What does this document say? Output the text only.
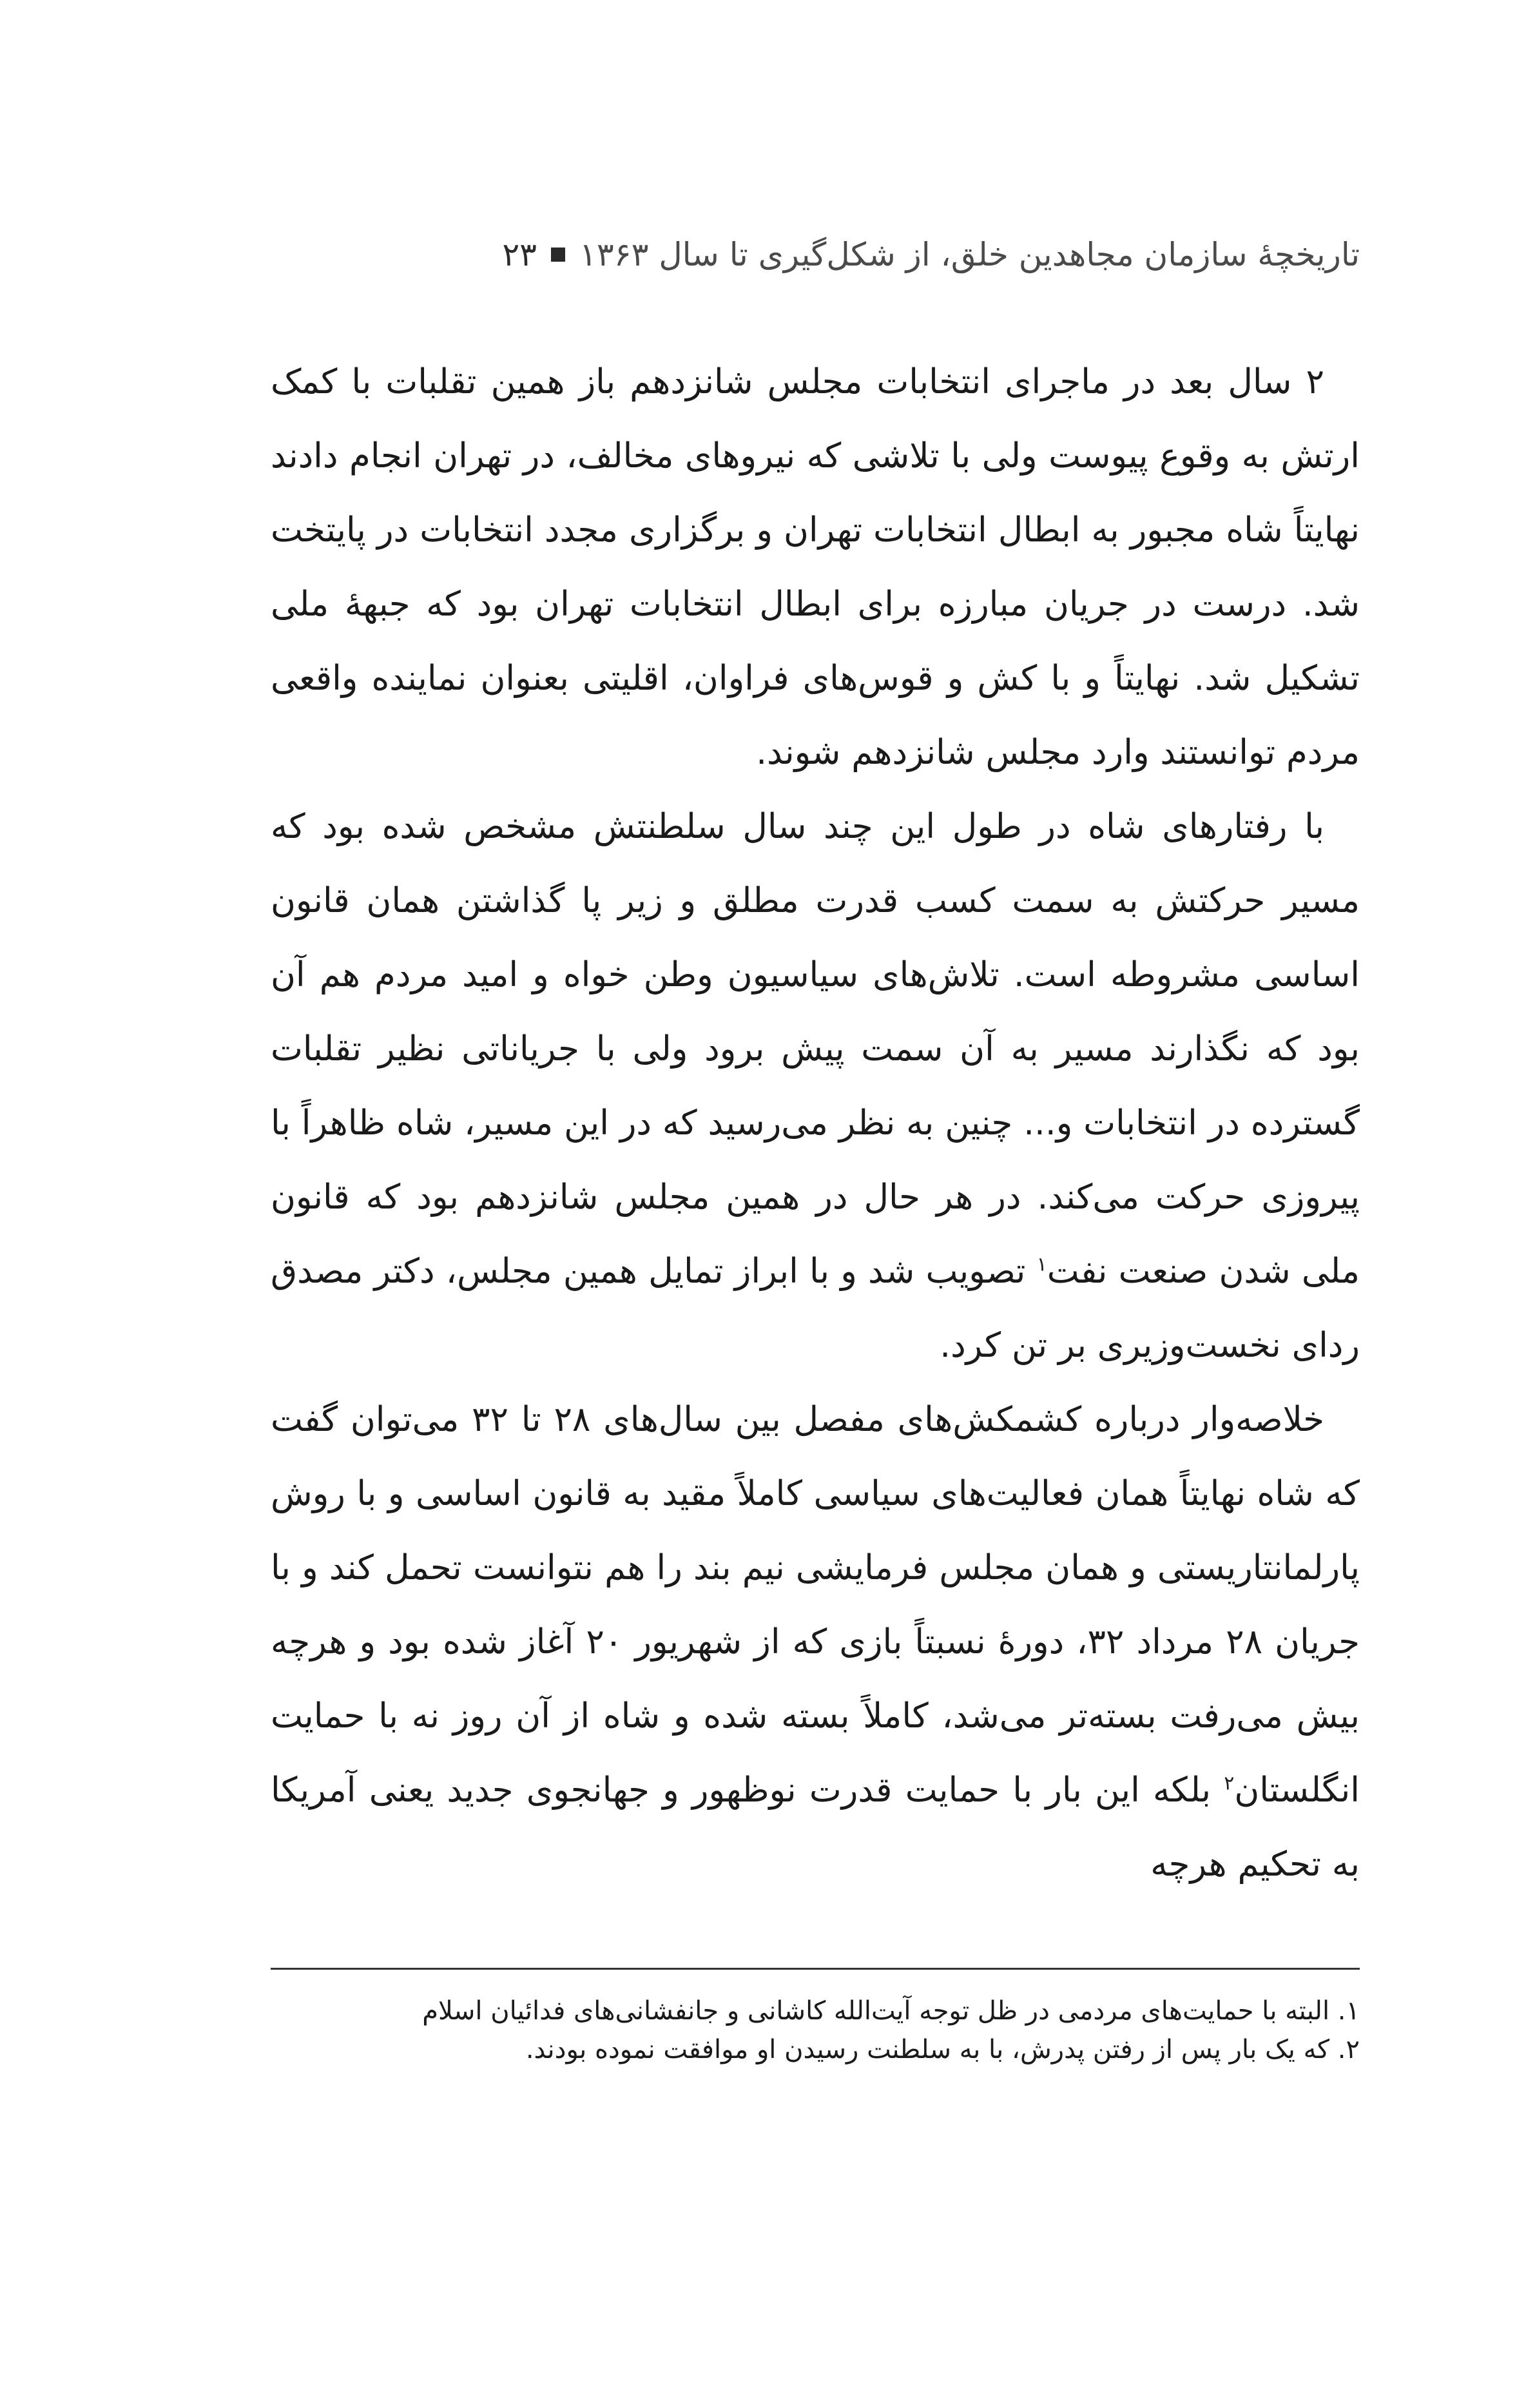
تاریخچهٔ سازمان مجاهدین خلق، از شکل‌گیری تا سال ۱۳۶۳
۲۳

۲ سال بعد در ماجرای انتخابات مجلس شانزدهم باز همین تقلبات با کمک ارتش به وقوع پیوست ولی با تلاشی که نیروهای مخالف، در تهران انجام دادند نهایتاً شاه مجبور به ابطال انتخابات تهران و برگزاری مجدد انتخابات در پایتخت شد. درست در جریان مبارزه برای ابطال انتخابات تهران بود که جبههٔ ملی تشکیل شد. نهایتاً و با کش و قوس‌های فراوان، اقلیتی بعنوان نماینده واقعی مردم توانستند وارد مجلس شانزدهم شوند.

با رفتارهای شاه در طول این چند سال سلطنتش مشخص شده بود که مسیر حرکتش به سمت کسب قدرت مطلق و زیر پا گذاشتن همان قانون اساسی مشروطه است. تلاش‌های سیاسیون وطن خواه و امید مردم هم آن بود که نگذارند مسیر به آن سمت پیش برود ولی با جریاناتی نظیر تقلبات گسترده در انتخابات و... چنین به نظر می‌رسید که در این مسیر، شاه ظاهراً با پیروزی حرکت می‌کند. در هر حال در همین مجلس شانزدهم بود که قانون ملی شدن صنعت نفت$^۱$ تصویب شد و با ابراز تمایل همین مجلس، دکتر مصدق ردای نخست‌وزیری بر تن کرد.

خلاصه‌وار درباره کشمکش‌های مفصل بین سال‌های ۲۸ تا ۳۲ می‌توان گفت که شاه نهایتاً همان فعالیت‌های سیاسی کاملاً مقید به قانون اساسی و با روش پارلمانتاریستی و همان مجلس فرمایشی نیم بند را هم نتوانست تحمل کند و با جریان ۲۸ مرداد ۳۲، دورهٔ نسبتاً بازی که از شهریور ۲۰ آغاز شده بود و هرچه بیش می‌رفت بسته‌تر می‌شد، کاملاً بسته شده و شاه از آن روز نه با حمایت انگلستان$^۲$ بلکه این بار با حمایت قدرت نوظهور و جهانجوی جدید یعنی آمریکا به تحکیم هرچه

۱. البته با حمایت‌های مردمی در ظل توجه آیت‌الله کاشانی و جانفشانی‌های فدائیان اسلام
۲. که یک بار پس از رفتن پدرش، با به سلطنت رسیدن او موافقت نموده بودند.
